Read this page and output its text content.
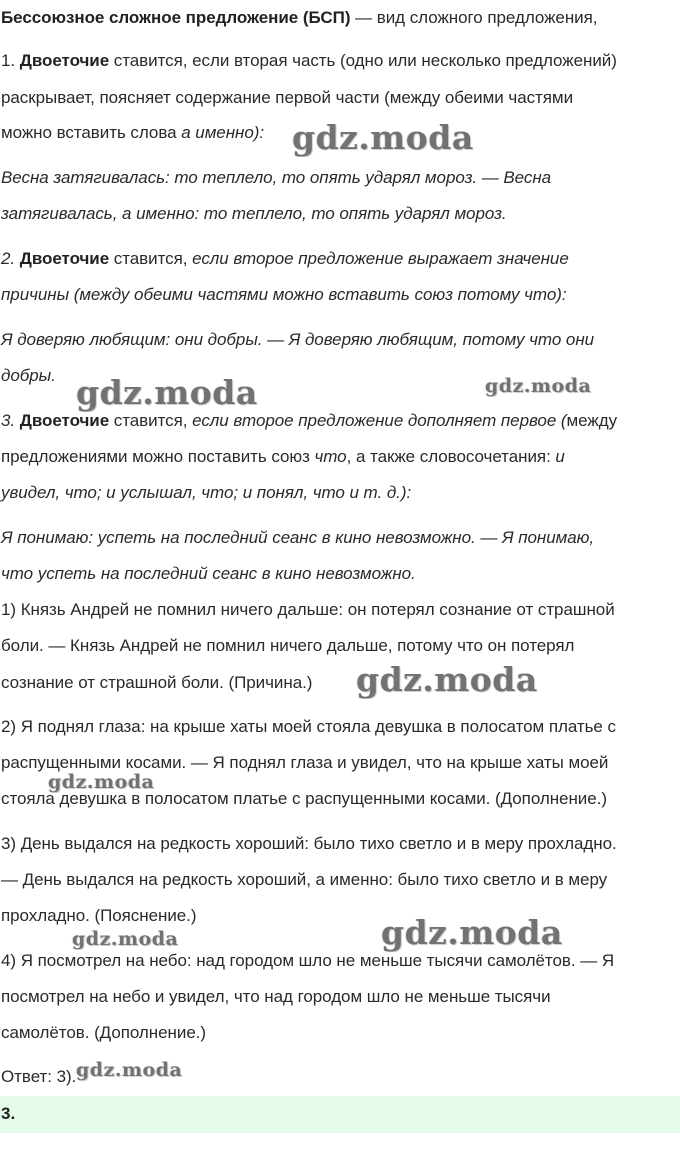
Бессоюзное сложное предложение (БСП) — вид сложного предложения,
1. Двоеточие ставится, если вторая часть (одно или несколько предложений)
раскрывает, поясняет содержание первой части (между обеими частями
можно вставить слова а именно):
Весна затягивалась: то теплело, то опять ударял мороз. — Весна
затягивалась, а именно: то теплело, то опять ударял мороз.
2. Двоеточие ставится, если второе предложение выражает значение
причины (между обеими частями можно вставить союз потому что):
Я доверяю любящим: они добры. — Я доверяю любящим, потому что они
добры.
3. Двоеточие ставится, если второе предложение дополняет первое (между
предложениями можно поставить союз что, а также словосочетания: и
увидел, что; и услышал, что; и понял, что и т. д.):
Я понимаю: успеть на последний сеанс в кино невозможно. — Я понимаю,
что успеть на последний сеанс в кино невозможно.
1) Князь Андрей не помнил ничего дальше: он потерял сознание от страшной
боли. — Князь Андрей не помнил ничего дальше, потому что он потерял
сознание от страшной боли. (Причина.)
2) Я поднял глаза: на крыше хаты моей стояла девушка в полосатом платье с
распущенными косами. — Я поднял глаза и увидел, что на крыше хаты моей
стояла девушка в полосатом платье с распущенными косами. (Дополнение.)
3) День выдался на редкость хороший: было тихо светло и в меру прохладно.
— День выдался на редкость хороший, а именно: было тихо светло и в меру
прохладно. (Пояснение.)
4) Я посмотрел на небо: над городом шло не меньше тысячи самолётов. — Я
посмотрел на небо и увидел, что над городом шло не меньше тысячи
самолётов. (Дополнение.)
Ответ: 3).
gdz.moda
gdz.moda	gdz.moda
gdz.moda
gdz.moda
gdz.moda
gdz.moda
gdz.moda
3.
